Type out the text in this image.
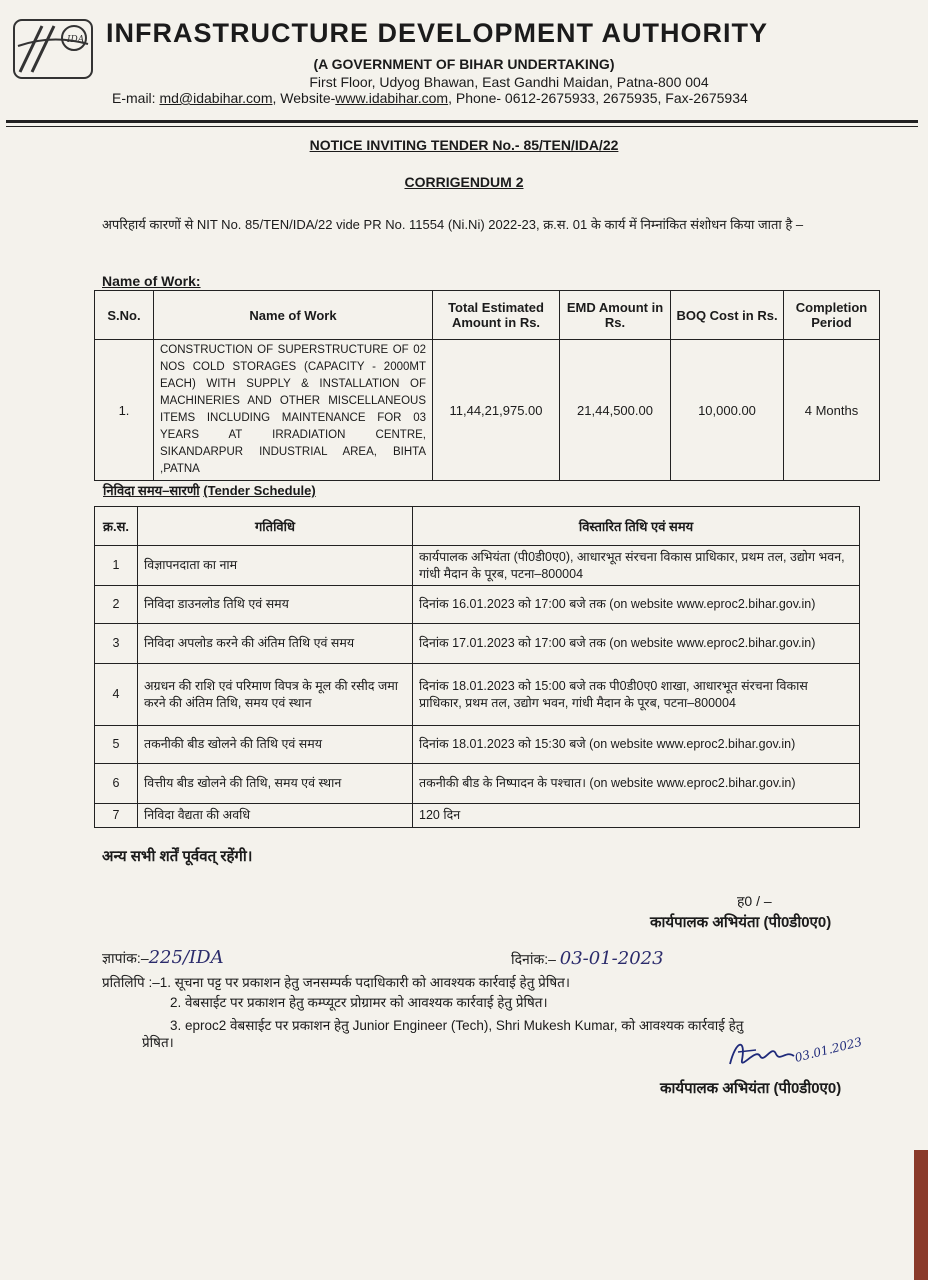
IDA INFRASTRUCTURE DEVELOPMENT AUTHORITY
(A GOVERNMENT OF BIHAR UNDERTAKING)
First Floor, Udyog Bhawan, East Gandhi Maidan, Patna-800 004
E-mail: md@idabihar.com, Website-www.idabihar.com, Phone- 0612-2675933, 2675935, Fax-2675934
NOTICE INVITING TENDER No.- 85/TEN/IDA/22
CORRIGENDUM 2
अपरिहार्य कारणों से NIT No. 85/TEN/IDA/22 vide PR No. 11554 (Ni.Ni) 2022-23, क्र.स. 01 के कार्य में निम्नांकित संशोधन किया जाता है –
Name of Work:
S.No.	Name of Work	Total Estimated Amount in Rs.	EMD Amount in Rs.	BOQ Cost in Rs.	Completion Period
1.	CONSTRUCTION OF SUPERSTRUCTURE OF 02 NOS COLD STORAGES (CAPACITY - 2000MT EACH) WITH SUPPLY & INSTALLATION OF MACHINERIES AND OTHER MISCELLANEOUS ITEMS INCLUDING MAINTENANCE FOR 03 YEARS AT IRRADIATION CENTRE, SIKANDARPUR INDUSTRIAL AREA, BIHTA ,PATNA	11,44,21,975.00	21,44,500.00	10,000.00	4 Months
निविदा समय–सारणी (Tender Schedule)
क्र.स.	गतिविधि	विस्तारित तिथि एवं समय
1	विज्ञापनदाता का नाम	कार्यपालक अभियंता (पी0डी0ए0), आधारभूत संरचना विकास प्राधिकार, प्रथम तल, उद्योग भवन, गांधी मैदान के पूरब, पटना–800004
2	निविदा डाउनलोड तिथि एवं समय	दिनांक 16.01.2023 को 17:00 बजे तक (on website www.eproc2.bihar.gov.in)
3	निविदा अपलोड करने की अंतिम तिथि एवं समय	दिनांक 17.01.2023 को 17:00 बजे तक (on website www.eproc2.bihar.gov.in)
4	अग्रधन की राशि एवं परिमाण विपत्र के मूल की रसीद जमा करने की अंतिम तिथि, समय एवं स्थान	दिनांक 18.01.2023 को 15:00 बजे तक पी0डी0ए0 शाखा, आधारभूत संरचना विकास प्राधिकार, प्रथम तल, उद्योग भवन, गांधी मैदान के पूरब, पटना–800004
5	तकनीकी बीड खोलने की तिथि एवं समय	दिनांक 18.01.2023 को 15:30 बजे (on website www.eproc2.bihar.gov.in)
6	वित्तीय बीड खोलने की तिथि, समय एवं स्थान	तकनीकी बीड के निष्पादन के पश्चात। (on website www.eproc2.bihar.gov.in)
7	निविदा वैद्यता की अवधि	120 दिन
अन्य सभी शर्तें पूर्ववत् रहेंगी।
ह0 / –
कार्यपालक अभियंता (पी0डी0ए0)
ज्ञापांक:–225/IDA	दिनांक:– 03-01-2023
प्रतिलिपि :–1. सूचना पट्ट पर प्रकाशन हेतु जनसम्पर्क पदाधिकारी को आवश्यक कार्रवाई हेतु प्रेषित।
2. वेबसाईट पर प्रकाशन हेतु कम्प्यूटर प्रोग्रामर को आवश्यक कार्रवाई हेतु प्रेषित।
3. eproc2 वेबसाईट पर प्रकाशन हेतु Junior Engineer (Tech), Shri Mukesh Kumar, को आवश्यक कार्रवाई हेतु
प्रेषित।	03.01.2023
कार्यपालक अभियंता (पी0डी0ए0)
